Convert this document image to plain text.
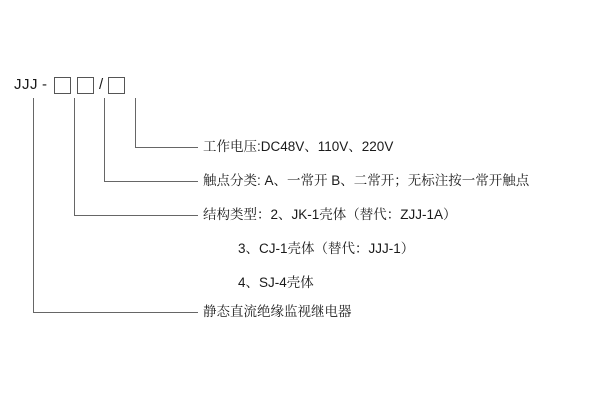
JJJ -	/
工作电压:DC48V、110V、220V
触点分类: A、一常开 B、二常开；无标注按一常开触点
结构类型：2、JK-1壳体（替代：ZJJ-1A）
3、CJ-1壳体（替代：JJJ-1）
4、SJ-4壳体
静态直流绝缘监视继电器
